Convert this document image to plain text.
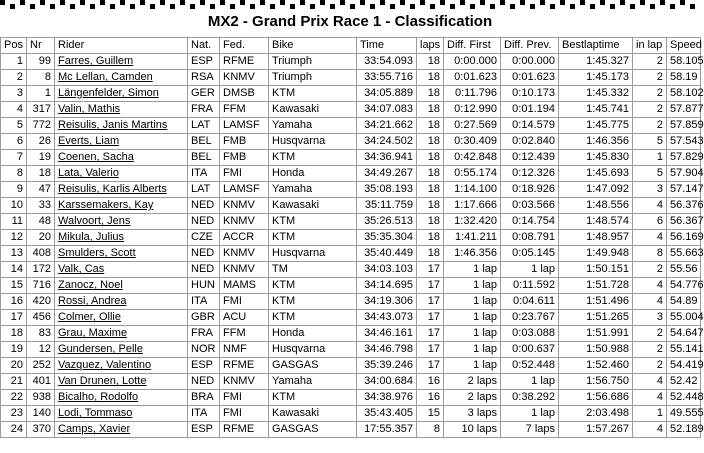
MX2 - Grand Prix Race 1 - Classification
Pos	Nr	Rider	Nat.	Fed.	Bike	Time	laps	Diff. First	Diff. Prev.	Bestlaptime	in lap	Speed
1	99	Farres, Guillem	ESP	RFME	Triumph	33:54.093	18	0:00.000	0:00.000	1:45.327	2	58.105
2	8	Mc Lellan, Camden	RSA	KNMV	Triumph	33:55.716	18	0:01.623	0:01.623	1:45.173	2	58.19
3	1	Längenfelder, Simon	GER	DMSB	KTM	34:05.889	18	0:11.796	0:10.173	1:45.332	2	58.102
4	317	Valin, Mathis	FRA	FFM	Kawasaki	34:07.083	18	0:12.990	0:01.194	1:45.741	2	57.877
5	772	Reisulis, Janis Martins	LAT	LAMSF	Yamaha	34:21.662	18	0:27.569	0:14.579	1:45.775	2	57.859
6	26	Everts, Liam	BEL	FMB	Husqvarna	34:24.502	18	0:30.409	0:02.840	1:46.356	5	57.543
7	19	Coenen, Sacha	BEL	FMB	KTM	34:36.941	18	0:42.848	0:12.439	1:45.830	1	57.829
8	18	Lata, Valerio	ITA	FMI	Honda	34:49.267	18	0:55.174	0:12.326	1:45.693	5	57.904
9	47	Reisulis, Karlis Alberts	LAT	LAMSF	Yamaha	35:08.193	18	1:14.100	0:18.926	1:47.092	3	57.147
10	33	Karssemakers, Kay	NED	KNMV	Kawasaki	35:11.759	18	1:17.666	0:03.566	1:48.556	4	56.376
11	48	Walvoort, Jens	NED	KNMV	KTM	35:26.513	18	1:32.420	0:14.754	1:48.574	6	56.367
12	20	Mikula, Julius	CZE	ACCR	KTM	35:35.304	18	1:41.211	0:08.791	1:48.957	4	56.169
13	408	Smulders, Scott	NED	KNMV	Husqvarna	35:40.449	18	1:46.356	0:05.145	1:49.948	8	55.663
14	172	Valk, Cas	NED	KNMV	TM	34:03.103	17	1 lap	1 lap	1:50.151	2	55.56
15	716	Zanocz, Noel	HUN	MAMS	KTM	34:14.695	17	1 lap	0:11.592	1:51.728	4	54.776
16	420	Rossi, Andrea	ITA	FMI	KTM	34:19.306	17	1 lap	0:04.611	1:51.496	4	54.89
17	456	Colmer, Ollie	GBR	ACU	KTM	34:43.073	17	1 lap	0:23.767	1:51.265	3	55.004
18	83	Grau, Maxime	FRA	FFM	Honda	34:46.161	17	1 lap	0:03.088	1:51.991	2	54.647
19	12	Gundersen, Pelle	NOR	NMF	Husqvarna	34:46.798	17	1 lap	0:00.637	1:50.988	2	55.141
20	252	Vazquez, Valentino	ESP	RFME	GASGAS	35:39.246	17	1 lap	0:52.448	1:52.460	2	54.419
21	401	Van Drunen, Lotte	NED	KNMV	Yamaha	34:00.684	16	2 laps	1 lap	1:56.750	4	52.42
22	938	Bicalho, Rodolfo	BRA	FMI	KTM	34:38.976	16	2 laps	0:38.292	1:56.686	4	52.448
23	140	Lodi, Tommaso	ITA	FMI	Kawasaki	35:43.405	15	3 laps	1 lap	2:03.498	1	49.555
24	370	Camps, Xavier	ESP	RFME	GASGAS	17:55.357	8	10 laps	7 laps	1:57.267	4	52.189
